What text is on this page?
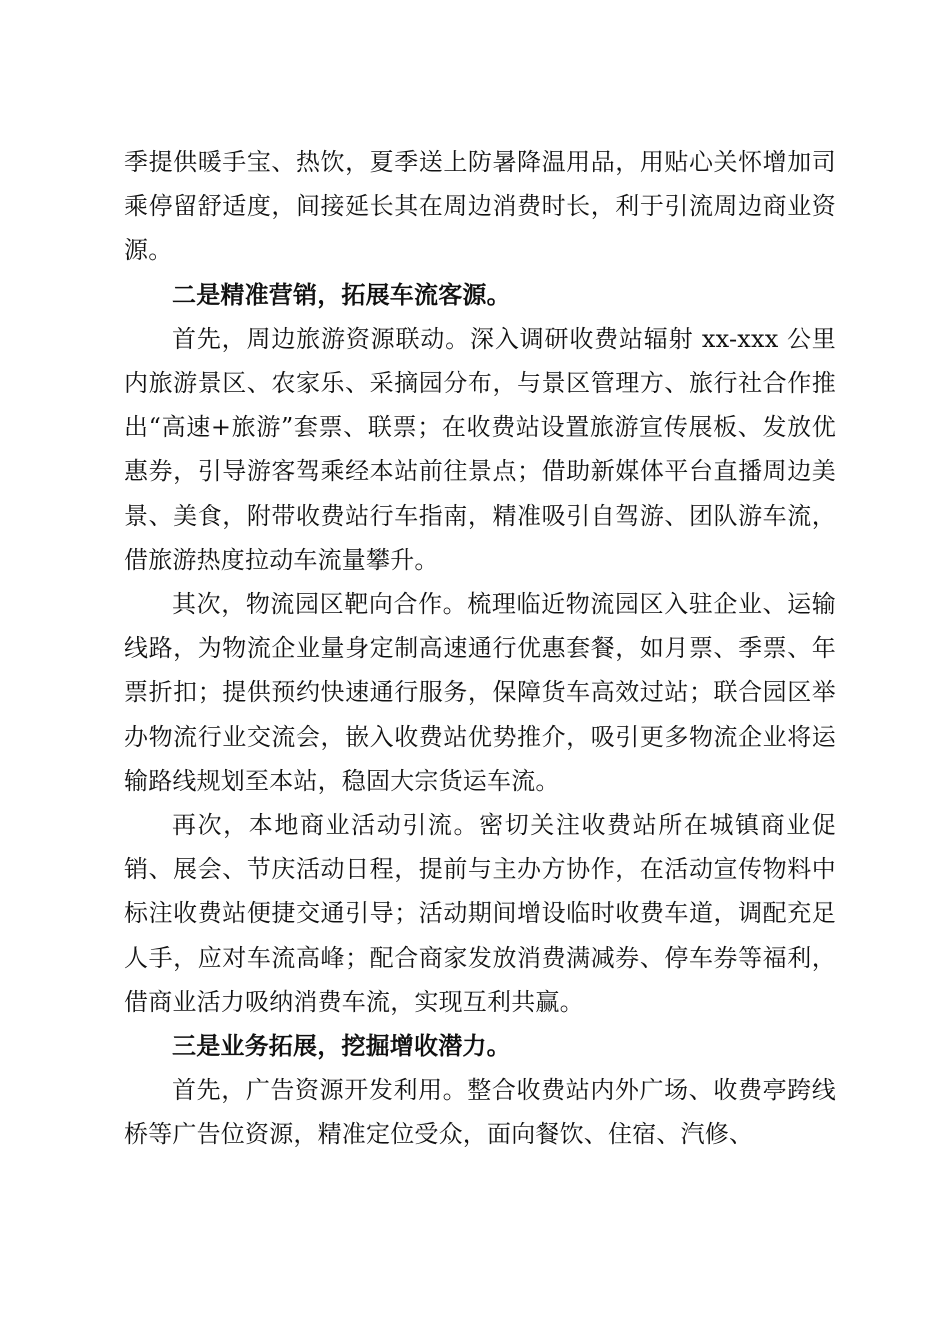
季提供暖手宝、热饮，夏季送上防暑降温用品，用贴心关怀增加司乘停留舒适度，间接延长其在周边消费时长，利于引流周边商业资源。

二是精准营销，拓展车流客源。

首先，周边旅游资源联动。深入调研收费站辐射 xx-xxx 公里内旅游景区、农家乐、采摘园分布，与景区管理方、旅行社合作推出“高速+旅游”套票、联票；在收费站设置旅游宣传展板、发放优惠券，引导游客驾乘经本站前往景点；借助新媒体平台直播周边美景、美食，附带收费站行车指南，精准吸引自驾游、团队游车流，借旅游热度拉动车流量攀升。

其次，物流园区靶向合作。梳理临近物流园区入驻企业、运输线路，为物流企业量身定制高速通行优惠套餐，如月票、季票、年票折扣；提供预约快速通行服务，保障货车高效过站；联合园区举办物流行业交流会，嵌入收费站优势推介，吸引更多物流企业将运输路线规划至本站，稳固大宗货运车流。

再次，本地商业活动引流。密切关注收费站所在城镇商业促销、展会、节庆活动日程，提前与主办方协作，在活动宣传物料中标注收费站便捷交通引导；活动期间增设临时收费车道，调配充足人手，应对车流高峰；配合商家发放消费满减券、停车券等福利，借商业活力吸纳消费车流，实现互利共赢。

三是业务拓展，挖掘增收潜力。

首先，广告资源开发利用。整合收费站内外广场、收费亭跨线桥等广告位资源，精准定位受众，面向餐饮、住宿、汽修、
